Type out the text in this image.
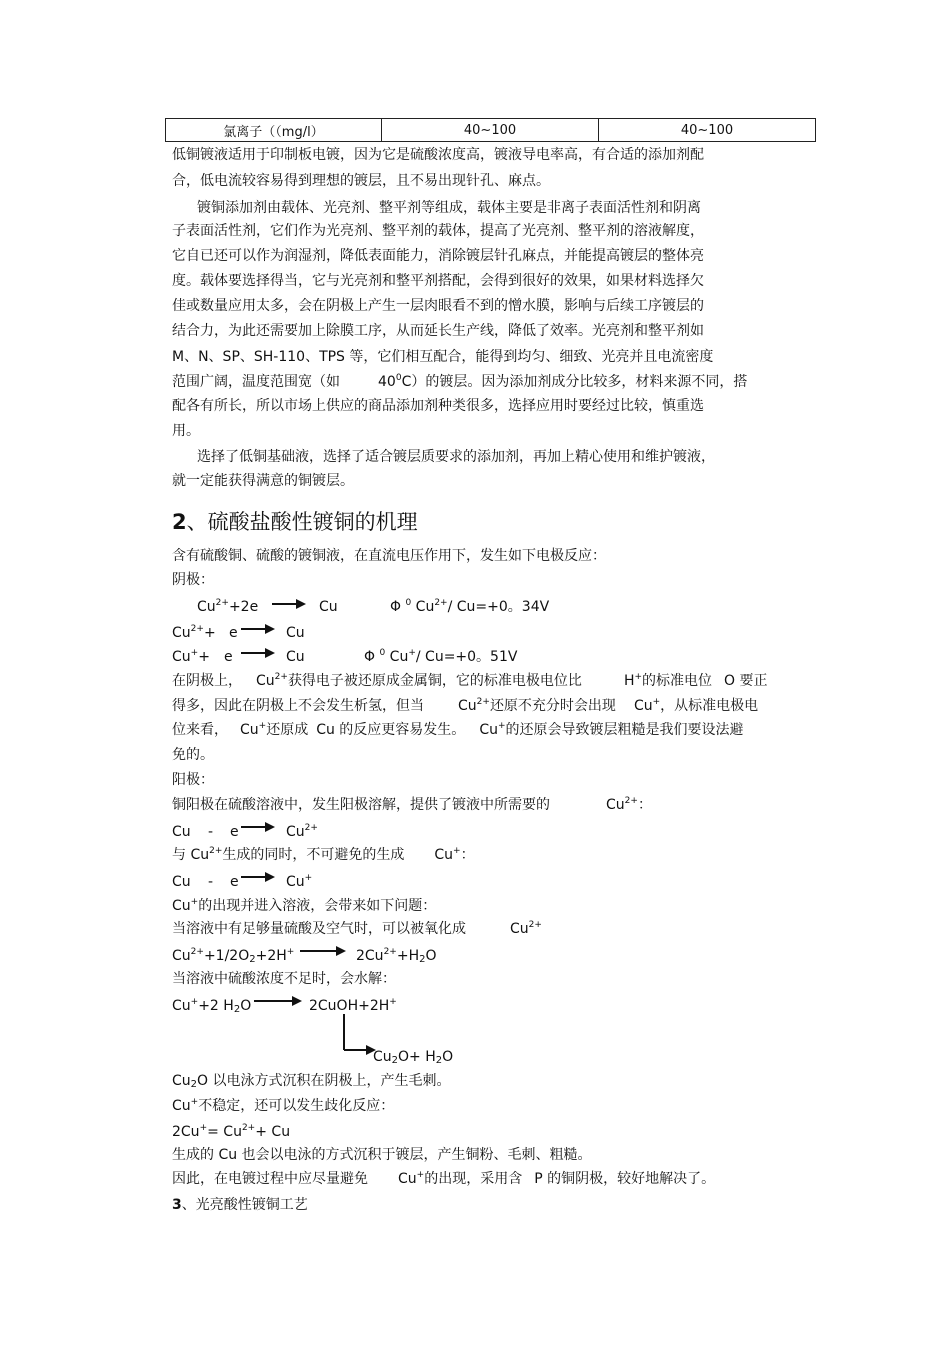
氯离子（（mg/l）	40~100	40~100
低铜镀液适用于印制板电镀，因为它是硫酸浓度高，镀液导电率高，有合适的添加剂配
合，低电流较容易得到理想的镀层，且不易出现针孔、麻点。
镀铜添加剂由载体、光亮剂、整平剂等组成，载体主要是非离子表面活性剂和阴离
子表面活性剂，它们作为光亮剂、整平剂的载体，提高了光亮剂、整平剂的溶液解度，
它自已还可以作为润湿剂，降低表面能力，消除镀层针孔麻点，并能提高镀层的整体亮
度。载体要选择得当，它与光亮剂和整平剂搭配，会得到很好的效果，如果材料选择欠
佳或数量应用太多，会在阴极上产生一层肉眼看不到的憎水膜，影响与后续工序镀层的
结合力，为此还需要加上除膜工序，从而延长生产线，降低了效率。光亮剂和整平剂如
M、N、SP、SH-110、TPS 等，它们相互配合，能得到均匀、细致、光亮并且电流密度
范围广阔，温度范围宽（如	$40^0C$）的镀层。因为添加剂成分比较多，材料来源不同，搭
配各有所长，所以市场上供应的商品添加剂种类很多，选择应用时要经过比较，慎重选
用。
选择了低铜基础液，选择了适合镀层质要求的添加剂，再加上精心使用和维护镀液，
就一定能获得满意的铜镀层。
2、硫酸盐酸性镀铜的机理
含有硫酸铜、硫酸的镀铜液，在直流电压作用下，发生如下电极反应：
阴极：
$Cu^{2+}+2e$	Cu	Φ $^0$ $Cu^{2+}/$ Cu=+0。34V
$Cu^{2+}+ e$	Cu
Cu++ e	Cu	Φ $^0$ Cu+/ Cu=+0。51V
在阴极上， $Cu^{2+}$获得电子被还原成金属铜，它的标准电极电位比	H+的标准电位 O 要正
得多，因此在阴极上不会发生析氢，但当 $Cu^{2+}$还原不充分时会出现 Cu+，从标准电极电
位来看， Cu+还原成 Cu 的反应更容易发生。 Cu+的还原会导致镀层粗糙是我们要设法避
免的。
阳极：
铜阳极在硫酸溶液中，发生阳极溶解，提供了镀液中所需要的	$Cu^{2+}$：
Cu - e	$Cu^{2+}$
与 $Cu^{2+}$生成的同时，不可避免的生成 Cu+：
Cu - e	Cu+
Cu+的出现并进入溶液，会带来如下问题：
当溶液中有足够量硫酸及空气时，可以被氧化成	$Cu^{2+}$
$Cu^{2+}+1/2O_2+2H^+$	$2Cu^{2+}+H_2O$
当溶液中硫酸浓度不足时，会水解：
Cu++2 $H_2O$	2CuOH+2H+
$Cu_2O+ H_2O$
$Cu_2O$ 以电泳方式沉积在阴极上，产生毛刺。
Cu+不稳定，还可以发生歧化反应：
$2Cu^+= Cu^{2+}+ Cu$
生成的 Cu 也会以电泳的方式沉积于镀层，产生铜粉、毛刺、粗糙。
因此，在电镀过程中应尽量避免 Cu+的出现，采用含 P 的铜阴极，较好地解决了。
3、光亮酸性镀铜工艺
